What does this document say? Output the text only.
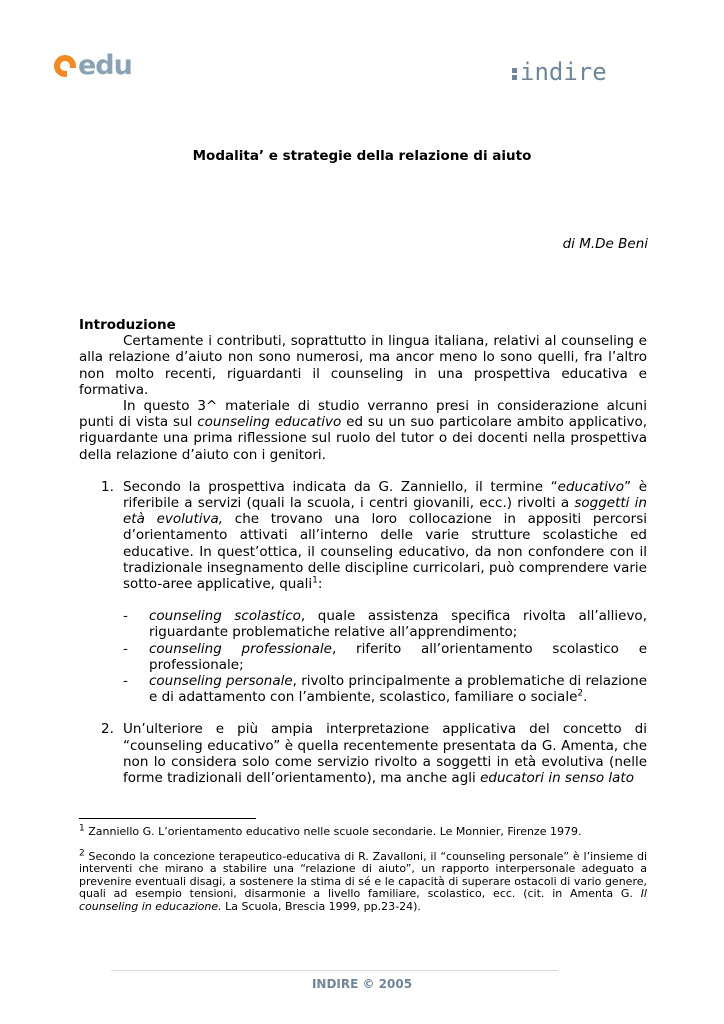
edu	indire
Modalita’ e strategie della relazione di aiuto
di M.De Beni

Introduzione

Certamente i contributi, soprattutto in lingua italiana, relativi al counseling e alla relazione d’aiuto non sono numerosi, ma ancor meno lo sono quelli, fra l’altro non molto recenti, riguardanti il counseling in una prospettiva educativa e formativa.

In questo 3^ materiale di studio verranno presi in considerazione alcuni punti di vista sul counseling educativo ed su un suo particolare ambito applicativo, riguardante una prima riflessione sul ruolo del tutor o dei docenti nella prospettiva della relazione d’aiuto con i genitori.

1. Secondo la prospettiva indicata da G. Zanniello, il termine “educativo” è riferibile a servizi (quali la scuola, i centri giovanili, ecc.) rivolti a soggetti in età evolutiva, che trovano una loro collocazione in appositi percorsi d’orientamento attivati all’interno delle varie strutture scolastiche ed educative. In quest’ottica, il counseling educativo, da non confondere con il tradizionale insegnamento delle discipline curricolari, può comprendere varie sotto-aree applicative, quali$^1$:
-	counseling scolastico, quale assistenza specifica rivolta all’allievo, riguardante problematiche relative all’apprendimento;
-	counseling professionale, riferito all’orientamento scolastico e professionale;
-	counseling personale, rivolto principalmente a problematiche di relazione e di adattamento con l’ambiente, scolastico, familiare o sociale$^2$.
2. Un’ulteriore e più ampia interpretazione applicativa del concetto di “counseling educativo” è quella recentemente presentata da G. Amenta, che non lo considera solo come servizio rivolto a soggetti in età evolutiva (nelle forme tradizionali dell’orientamento), ma anche agli educatori in senso lato

$^1$ Zanniello G. L’orientamento educativo nelle scuole secondarie. Le Monnier, Firenze 1979.

$^2$ Secondo la concezione terapeutico-educativa di R. Zavalloni, il “counseling personale” è l’insieme di interventi che mirano a stabilire una “relazione di aiuto”, un rapporto interpersonale adeguato a prevenire eventuali disagi, a sostenere la stima di sé e le capacità di superare ostacoli di vario genere, quali ad esempio tensioni, disarmonie a livello familiare, scolastico, ecc. (cit. in Amenta G. Il counseling in educazione. La Scuola, Brescia 1999, pp.23-24).

INDIRE © 2005
